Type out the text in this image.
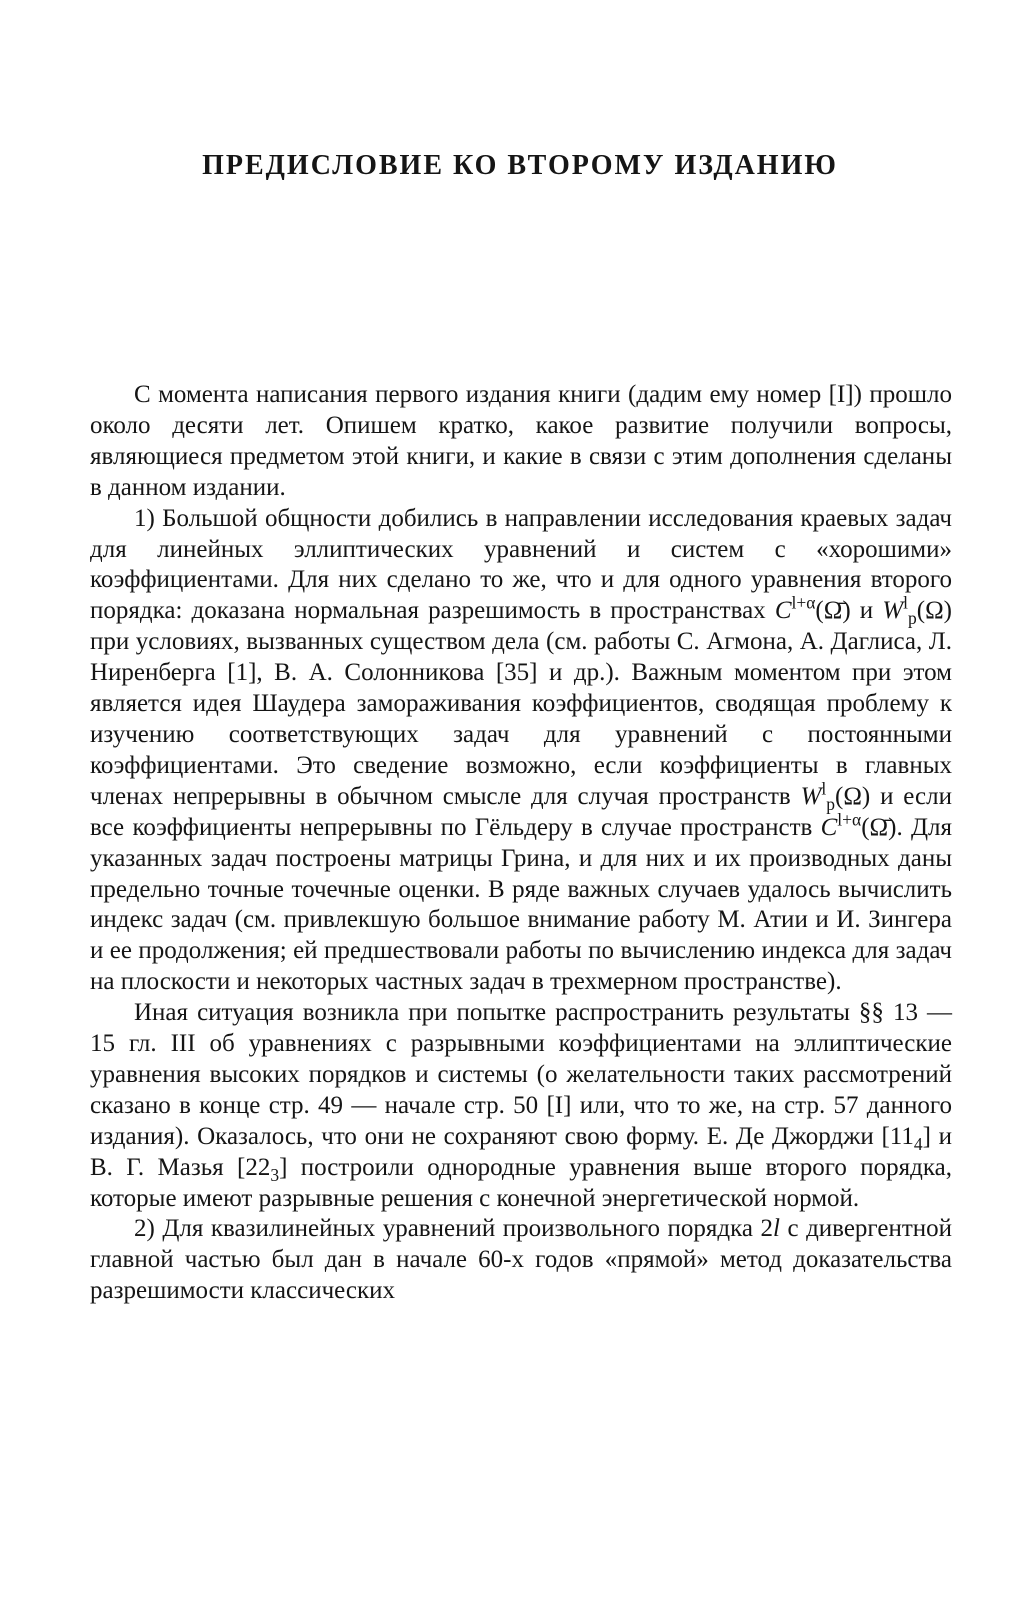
ПРЕДИСЛОВИЕ КО ВТОРОМУ ИЗДАНИЮ

С момента написания первого издания книги (дадим ему номер [I]) прошло около десяти лет. Опишем кратко, какое развитие получили вопросы, являющиеся предметом этой книги, и какие в связи с этим дополнения сделаны в данном издании.

1) Большой общности добились в направлении исследования краевых задач для линейных эллиптических уравнений и систем с «хорошими» коэффициентами. Для них сделано то же, что и для одного уравнения второго порядка: доказана нормальная разрешимость в пространствах $C^{l+\alpha}(\Omegā)$ и $W^l_p(\Omega)$ при условиях, вызванных существом дела (см. работы С. Агмона, А. Даглиса, Л. Ниренберга [1], В. А. Солонникова [35] и др.). Важным моментом при этом является идея Шаудера замораживания коэффициентов, сводящая проблему к изучению соответствующих задач для уравнений с постоянными коэффициентами. Это сведение возможно, если коэффициенты в главных членах непрерывны в обычном смысле для случая пространств $W^l_p(\Omega)$ и если все коэффициенты непрерывны по Гёльдеру в случае пространств $C^{l+\alpha}(\Omegā)$. Для указанных задач построены матрицы Грина, и для них и их производных даны предельно точные точечные оценки. В ряде важных случаев удалось вычислить индекс задач (см. привлекшую большое внимание работу М. Атии и И. Зингера и ее продолжения; ей предшествовали работы по вычислению индекса для задач на плоскости и некоторых частных задач в трехмерном пространстве).

Иная ситуация возникла при попытке распространить результаты §§ 13 — 15 гл. III об уравнениях с разрывными коэффициентами на эллиптические уравнения высоких порядков и системы (о желательности таких рассмотрений сказано в конце стр. 49 — начале стр. 50 [I] или, что то же, на стр. 57 данного издания). Оказалось, что они не сохраняют свою форму. Е. Де Джорджи $[11_4]$ и В. Г. Мазья $[22_3]$ построили однородные уравнения выше второго порядка, которые имеют разрывные решения с конечной энергетической нормой.

2) Для квазилинейных уравнений произвольного порядка 2l с дивергентной главной частью был дан в начале 60-х годов «прямой» метод доказательства разрешимости классических
